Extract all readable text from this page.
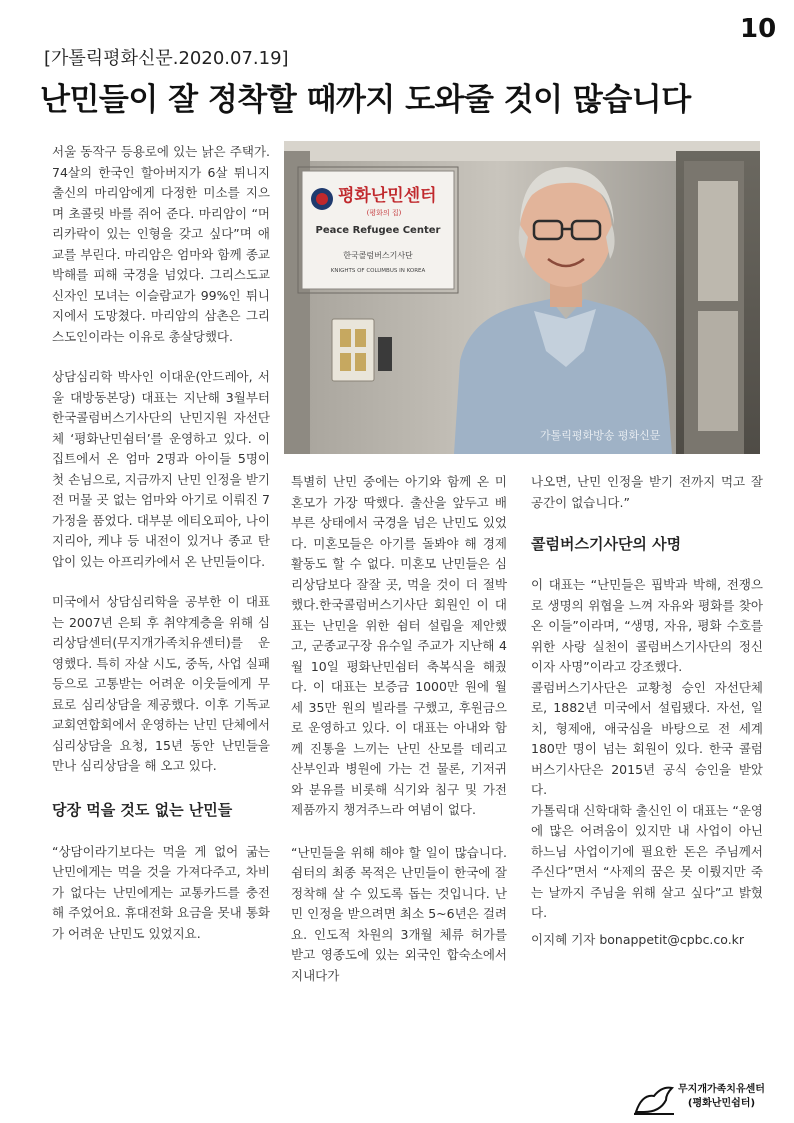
10
[가톨릭평화신문.2020.07.19]
난민들이 잘 정착할 때까지 도와줄 것이 많습니다

서울 동작구 등용로에 있는 낡은 주택가. 74살의 한국인 할아버지가 6살 튀니지 출신의 마리암에게 다정한 미소를 지으며 초콜릿 바를 쥐어 준다. 마리암이 “머리카락이 있는 인형을 갖고 싶다”며 애교를 부린다. 마리암은 엄마와 함께 종교 박해를 피해 국경을 넘었다. 그리스도교 신자인 모녀는 이슬람교가 99%인 튀니지에서 도망쳤다. 마리암의 삼촌은 그리스도인이라는 이유로 총살당했다.

상담심리학 박사인 이대운(안드레아, 서울 대방동본당) 대표는 지난해 3월부터 한국콜럼버스기사단의 난민지원 자선단체 ‘평화난민쉼터’를 운영하고 있다. 이집트에서 온 엄마 2명과 아이들 5명이 첫 손님으로, 지금까지 난민 인정을 받기 전 머물 곳 없는 엄마와 아기로 이뤄진 7가정을 품었다. 대부분 에티오피아, 나이지리아, 케냐 등 내전이 있거나 종교 탄압이 있는 아프리카에서 온 난민들이다.

미국에서 상담심리학을 공부한 이 대표는 2007년 은퇴 후 취약계층을 위해 심리상담센터(무지개가족치유센터)를 운영했다. 특히 자살 시도, 중독, 사업 실패 등으로 고통받는 어려운 이웃들에게 무료로 심리상담을 제공했다. 이후 기독교교회연합회에서 운영하는 난민 단체에서 심리상담을 요청, 15년 동안 난민들을 만나 심리상담을 해 오고 있다.

당장 먹을 것도 없는 난민들

“상담이라기보다는 먹을 게 없어 굶는 난민에게는 먹을 것을 가져다주고, 차비가 없다는 난민에게는 교통카드를 충전해 주었어요. 휴대전화 요금을 못내 통화가 어려운 난민도 있었지요.

평화난민센터
(평화의 집)
Peace Refugee Center
한국콜럼버스기사단
KNIGHTS OF COLUMBUS IN KOREA
가톨릭평화방송 평화신문

특별히 난민 중에는 아기와 함께 온 미혼모가 가장 딱했다. 출산을 앞두고 배부른 상태에서 국경을 넘은 난민도 있었다. 미혼모들은 아기를 돌봐야 해 경제활동도 할 수 없다. 미혼모 난민들은 심리상담보다 잘잘 곳, 먹을 것이 더 절박했다.한국콜럼버스기사단 회원인 이 대표는 난민을 위한 쉼터 설립을 제안했고, 군종교구장 유수일 주교가 지난해 4월 10일 평화난민쉼터 축복식을 해줬다. 이 대표는 보증금 1000만 원에 월세 35만 원의 빌라를 구했고, 후원금으로 운영하고 있다. 이 대표는 아내와 함께 진통을 느끼는 난민 산모를 데리고 산부인과 병원에 가는 건 물론, 기저귀와 분유를 비롯해 식기와 침구 및 가전제품까지 챙겨주느라 여념이 없다.

“난민들을 위해 해야 할 일이 많습니다. 쉼터의 최종 목적은 난민들이 한국에 잘 정착해 살 수 있도록 돕는 것입니다. 난민 인정을 받으려면 최소 5~6년은 걸려요. 인도적 차원의 3개월 체류 허가를 받고 영종도에 있는 외국인 합숙소에서 지내다가

나오면, 난민 인정을 받기 전까지 먹고 잘 공간이 없습니다.”

콜럼버스기사단의 사명

이 대표는 “난민들은 핍박과 박해, 전쟁으로 생명의 위협을 느껴 자유와 평화를 찾아온 이들”이라며, “생명, 자유, 평화 수호를 위한 사랑 실천이 콜럼버스기사단의 정신이자 사명”이라고 강조했다.

콜럼버스기사단은 교황청 승인 자선단체로, 1882년 미국에서 설립됐다. 자선, 일치, 형제애, 애국심을 바탕으로 전 세계 180만 명이 넘는 회원이 있다. 한국 콜럼버스기사단은 2015년 공식 승인을 받았다.

가톨릭대 신학대학 출신인 이 대표는 “운영에 많은 어려움이 있지만 내 사업이 아닌 하느님 사업이기에 필요한 돈은 주님께서 주신다”면서 “사제의 꿈은 못 이뤘지만 죽는 날까지 주님을 위해 살고 싶다”고 밝혔다.

이지혜 기자 bonappetit@cpbc.co.kr

무지개가족치유센터
(평화난민쉼터)
